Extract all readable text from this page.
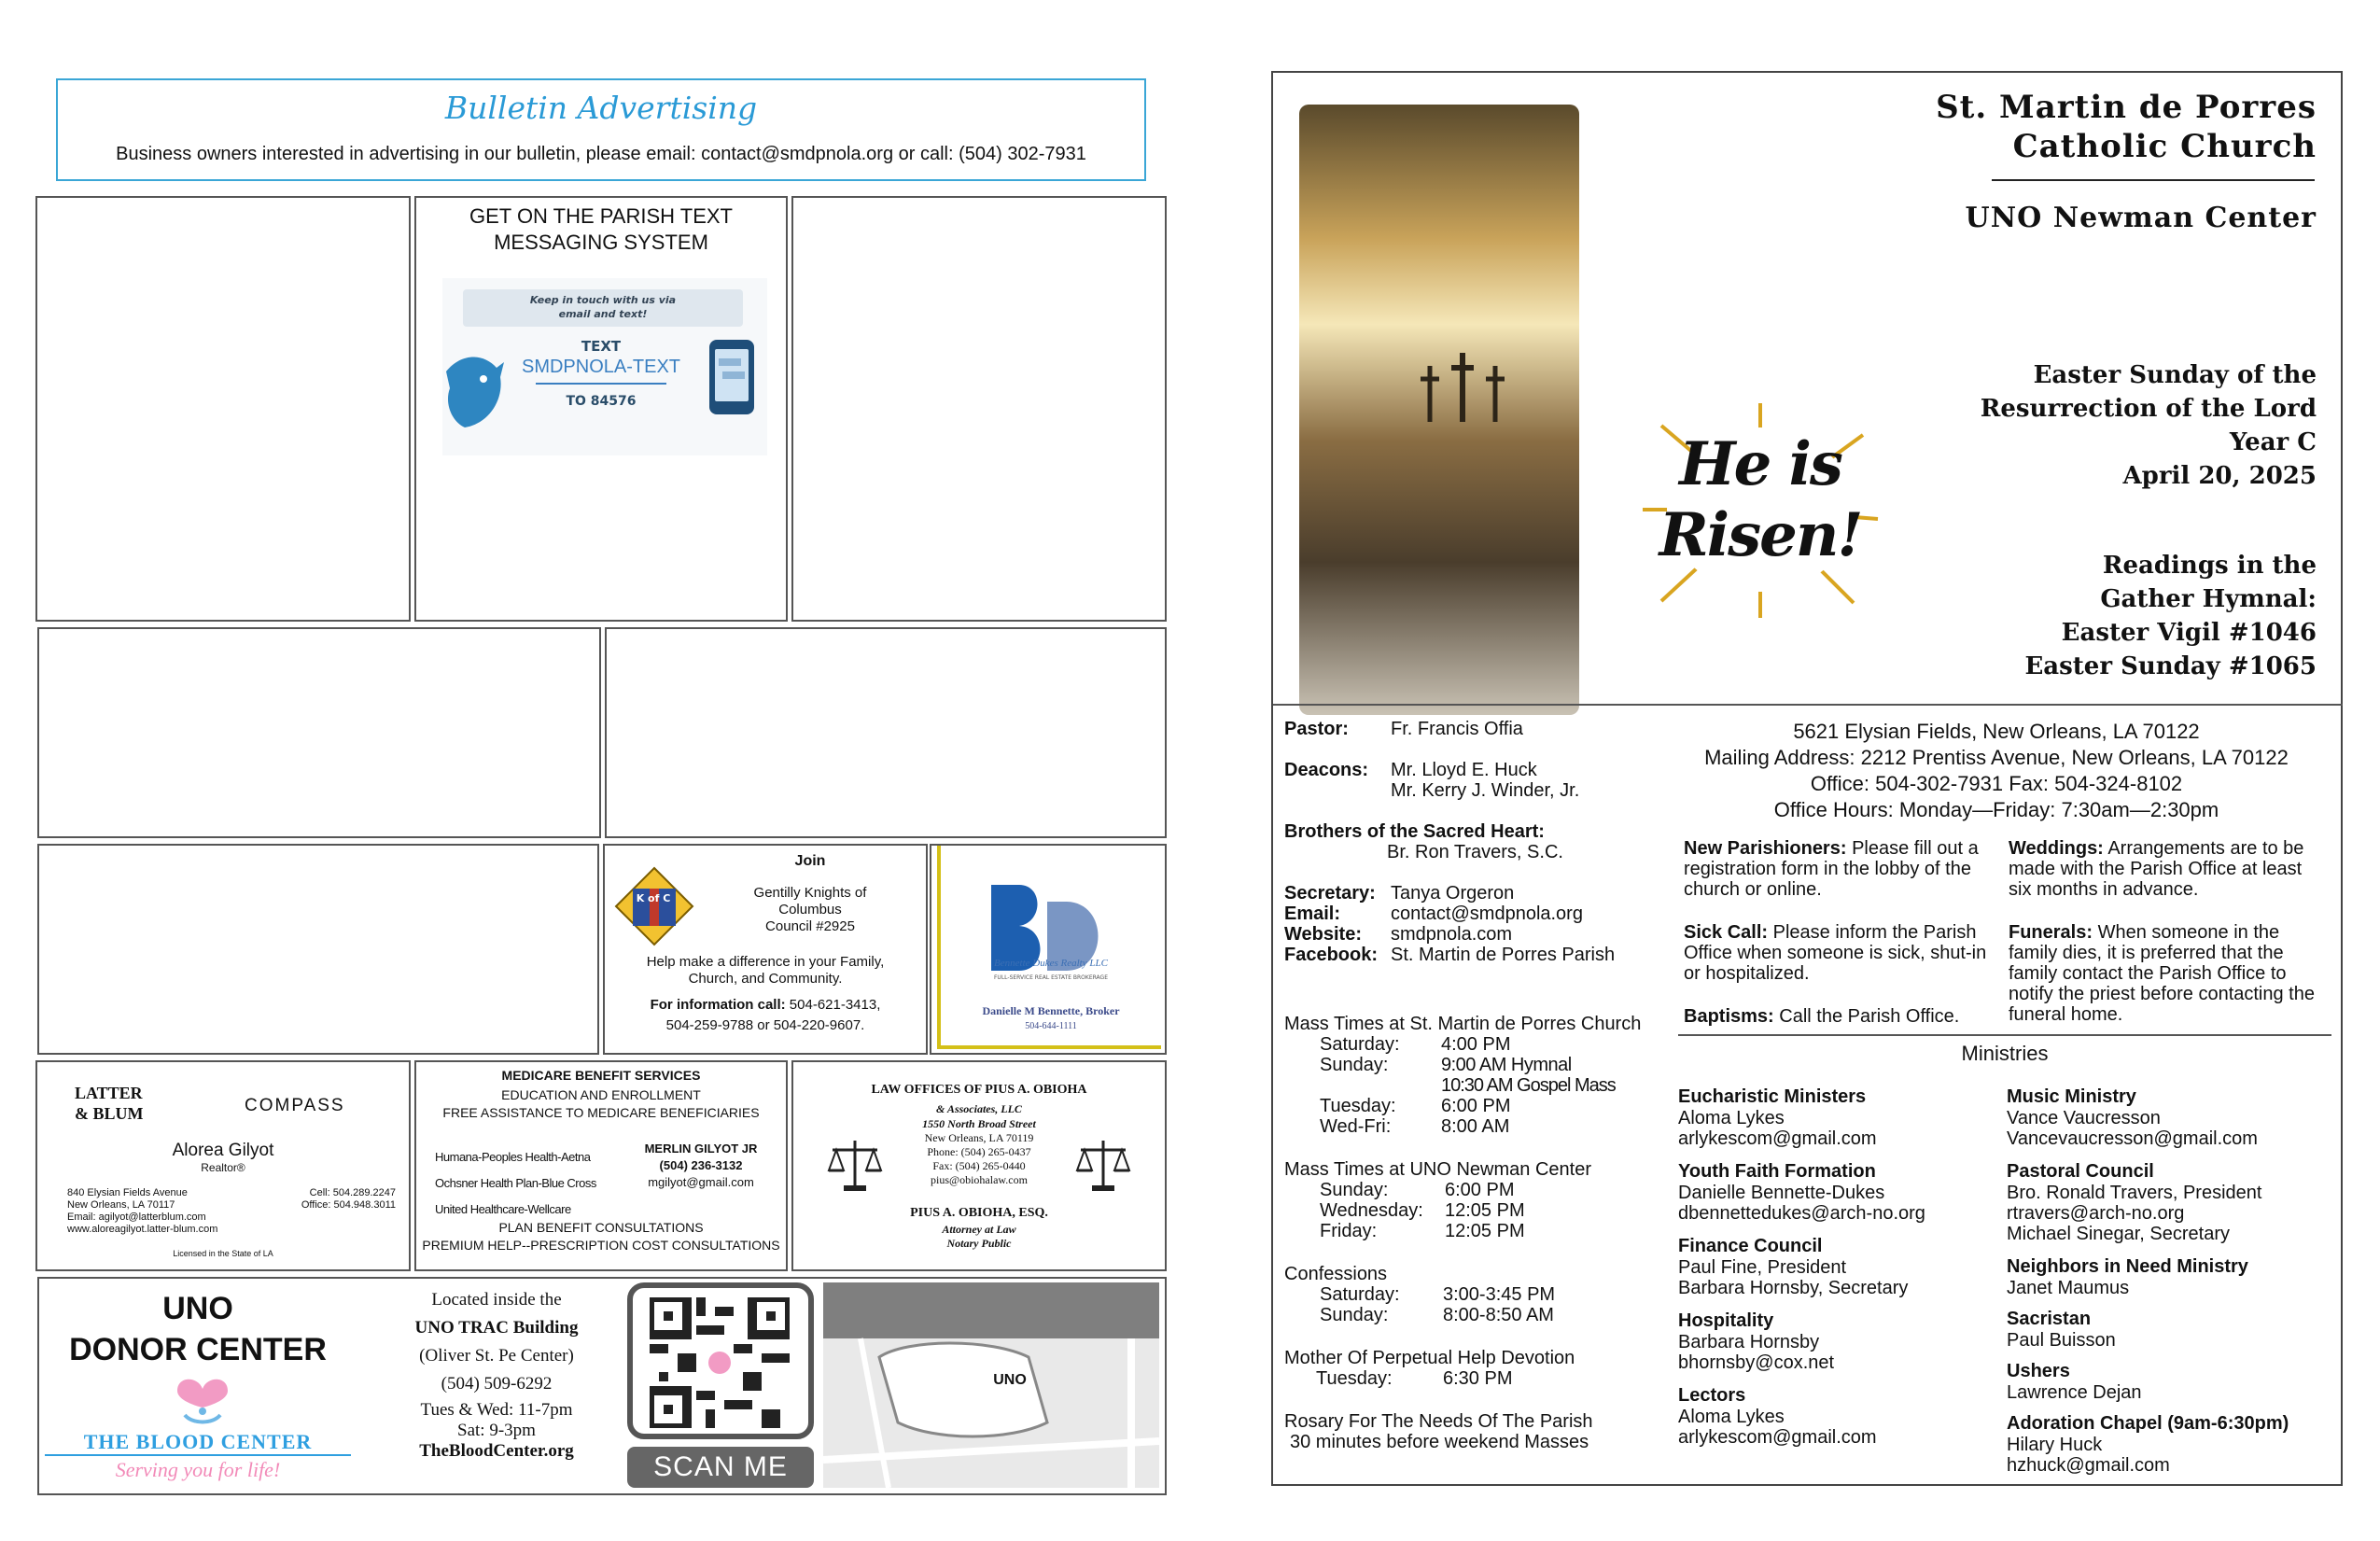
Bulletin Advertising
Business owners interested in advertising in our bulletin, please email: contact@smdpnola.org or call: (504) 302-7931
GET ON THE PARISH TEXT
MESSAGING SYSTEM
Keep in touch with us via
email and text!
TEXT
SMDPNOLA-TEXT
TO 84576
K of C
Join
Gentilly Knights of
Columbus
Council #2925
Help make a difference in your Family,
Church, and Community.
For information call: 504-621-3413,
504-259-9788 or 504-220-9607.
Bennette Dukes Realty LLC
FULL-SERVICE REAL ESTATE BROKERAGE
Danielle M Bennette, Broker
504-644-1111
LATTER
& BLUM	COMPASS
Alorea Gilyot
Realtor®
840 Elysian Fields Avenue
New Orleans, LA 70117
Email: agilyot@latterblum.com
www.aloreagilyot.latter-blum.com
Cell: 504.289.2247
Office: 504.948.3011
Licensed in the State of LA
MEDICARE BENEFIT SERVICES
EDUCATION AND ENROLLMENT
FREE ASSISTANCE TO MEDICARE BENEFICIARIES
Humana-Peoples Health-Aetna
Ochsner Health Plan-Blue Cross
United Healthcare-Wellcare
MERLIN GILYOT JR
(504) 236-3132
mgilyot@gmail.com
PLAN BENEFIT CONSULTATIONS
PREMIUM HELP--PRESCRIPTION COST CONSULTATIONS
LAW OFFICES OF PIUS A. OBIOHA
& Associates, LLC
1550 North Broad Street
New Orleans, LA 70119
Phone: (504) 265-0437
Fax: (504) 265-0440
pius@obiohalaw.com
PIUS A. OBIOHA, ESQ.
Attorney at Law
Notary Public
UNO
DONOR CENTER
THE BLOOD CENTER
Serving you for life!
Located inside the
UNO TRAC Building
(Oliver St. Pe Center)
(504) 509-6292
Tues & Wed: 11-7pm
Sat: 9-3pm
TheBloodCenter.org
SCAN ME
UNO
He is
Risen!
St. Martin de Porres
Catholic Church
UNO Newman Center
Easter Sunday of the
Resurrection of the Lord
Year C
April 20, 2025
Readings in the
Gather Hymnal:
Easter Vigil #1046
Easter Sunday #1065
Pastor: Fr. Francis Offia
Deacons: Mr. Lloyd E. Huck
Mr. Kerry J. Winder, Jr.
Brothers of the Sacred Heart:
Br. Ron Travers, S.C.
Secretary: Tanya Orgeron
Email:	contact@smdpnola.org
Website: smdpnola.com
Facebook: St. Martin de Porres Parish
Mass Times at St. Martin de Porres Church
Saturday: 4:00 PM
Sunday:	9:00 AM Hymnal
10:30 AM Gospel Mass
Tuesday: 6:00 PM
Wed-Fri:	8:00 AM
Mass Times at UNO Newman Center
Sunday:	6:00 PM
Wednesday: 12:05 PM
Friday:	12:05 PM
Confessions
Saturday: 3:00-3:45 PM
Sunday:	8:00-8:50 AM
Mother Of Perpetual Help Devotion
Tuesday:	6:30 PM
Rosary For The Needs Of The Parish
30 minutes before weekend Masses
5621 Elysian Fields, New Orleans, LA 70122
Mailing Address: 2212 Prentiss Avenue, New Orleans, LA 70122
Office: 504-302-7931 Fax: 504-324-8102
Office Hours: Monday—Friday: 7:30am—2:30pm
New Parishioners: Please fill out a registration form in the lobby of the church or online.
Sick Call: Please inform the Parish Office when someone is sick, shut-in or hospitalized.
Baptisms: Call the Parish Office.
Weddings: Arrangements are to be made with the Parish Office at least six months in advance.
Funerals: When someone in the family dies, it is preferred that the family contact the Parish Office to notify the priest before contacting the funeral home.
Ministries
Eucharistic Ministers
Aloma Lykes
arlykescom@gmail.com
Youth Faith Formation
Danielle Bennette-Dukes
dbennettedukes@arch-no.org
Finance Council
Paul Fine, President
Barbara Hornsby, Secretary
Hospitality
Barbara Hornsby
bhornsby@cox.net
Lectors
Aloma Lykes
arlykescom@gmail.com
Music Ministry
Vance Vaucresson
Vancevaucresson@gmail.com
Pastoral Council
Bro. Ronald Travers, President
rtravers@arch-no.org
Michael Sinegar, Secretary
Neighbors in Need Ministry
Janet Maumus
Sacristan
Paul Buisson
Ushers
Lawrence Dejan
Adoration Chapel (9am-6:30pm)
Hilary Huck
hzhuck@gmail.com
